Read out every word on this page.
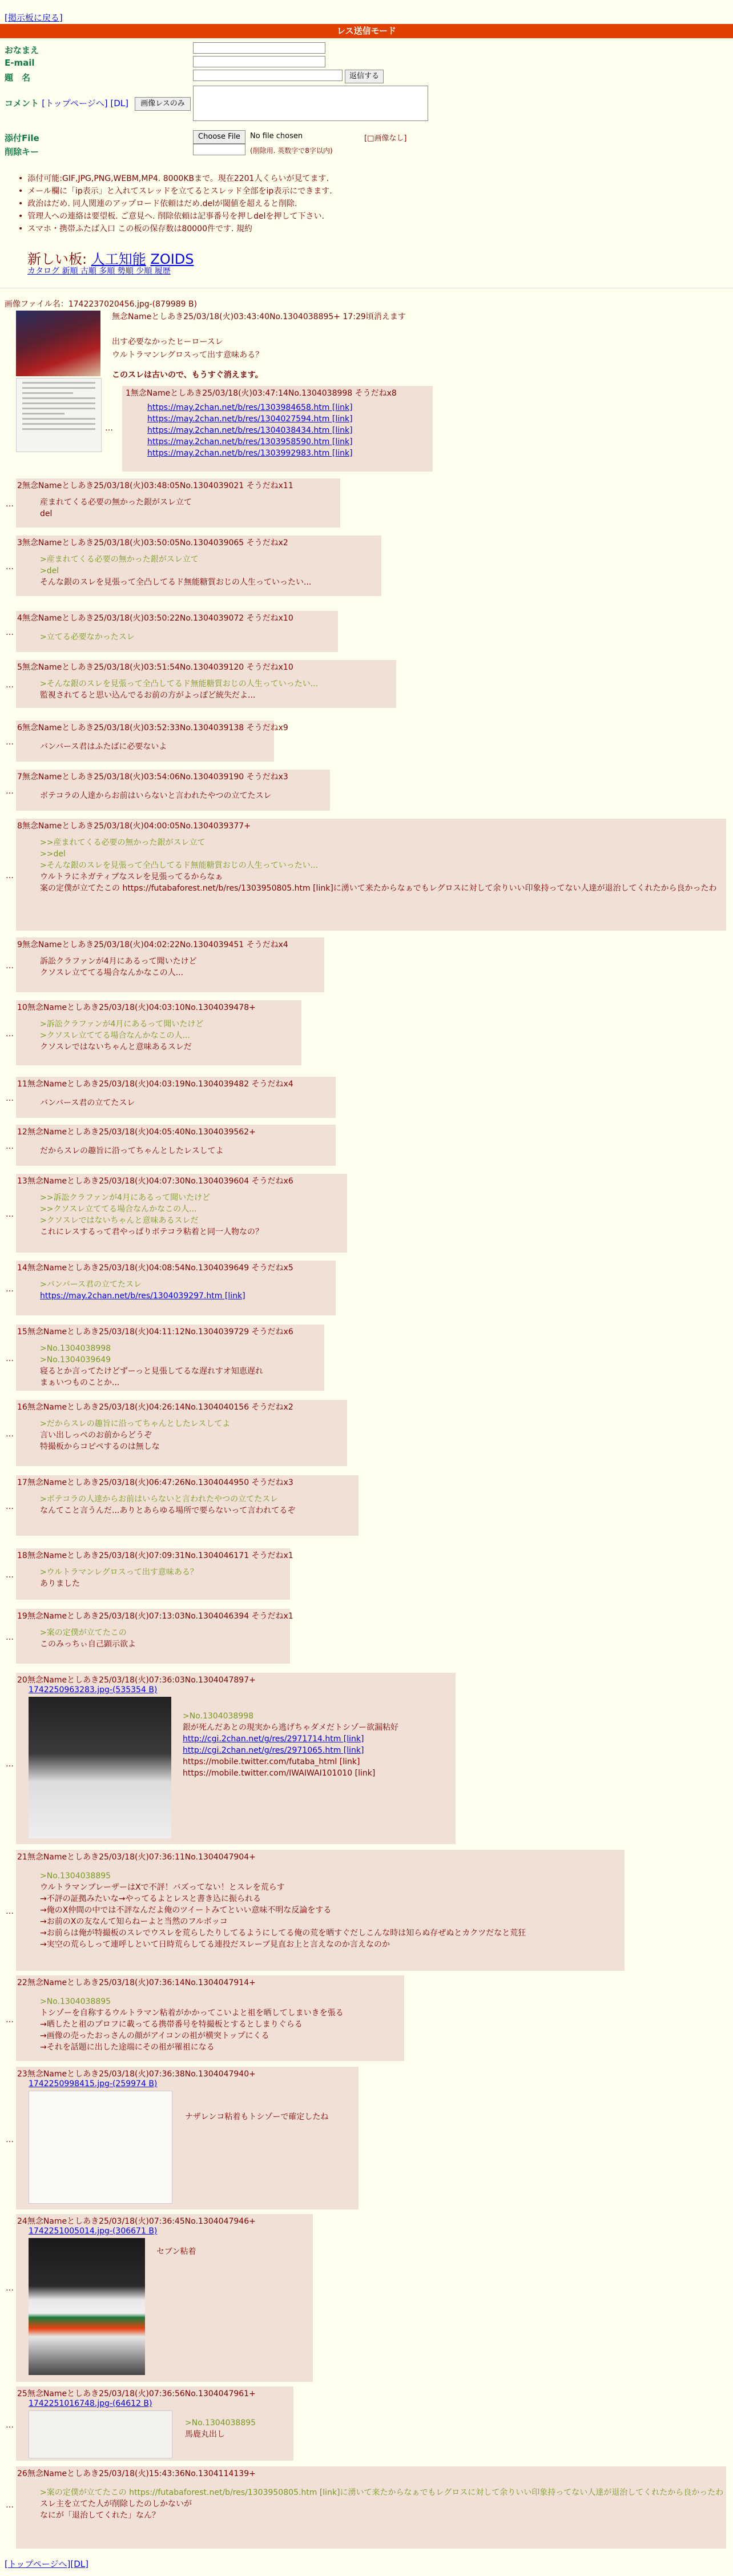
[掲示板に戻る]
レス送信モード
おなまえ
E-mail
題　名	返信する
コメント [トップページへ] [DL]	画像レスのみ
添付File	Choose File	No file chosen	[□画像なし]
削除キー	(削除用. 英数字で8字以内)
• 添付可能:GIF,JPG,PNG,WEBM,MP4. 8000KBまで。現在2201人くらいが見てます.
• メール欄に「ip表示」と入れてスレッドを立てるとスレッド全部をip表示にできます.
• 政治はだめ. 同人関連のアップロード依頼はだめ.delが閾値を超えると削除.
• 管理人への連絡は要望板. ご意見へ. 削除依頼は記事番号を押しdelを押して下さい.
• スマホ・携帯ふたば入口 この板の保存数は80000件です. 規約
新しい板: 人工知能 ZOIDS
カタログ 新順 古順 多順 勢順 少順 履歴
画像ファイル名：1742237020456.jpg-(879989 B)
無念Nameとしあき25/03/18(火)03:43:40No.1304038895+ 17:29頃消えます
出す必要なかったヒーロースレ
ウルトラマンレグロスって出す意味ある？
このスレは古いので、もうすぐ消えます。
…
1無念Nameとしあき25/03/18(火)03:47:14No.1304038998 そうだねx8
https://may.2chan.net/b/res/1303984658.htm [link]
https://may.2chan.net/b/res/1304027594.htm [link]
https://may.2chan.net/b/res/1304038434.htm [link]
https://may.2chan.net/b/res/1303958590.htm [link]
https://may.2chan.net/b/res/1303992983.htm [link]
…
2無念Nameとしあき25/03/18(火)03:48:05No.1304039021 そうだねx11
産まれてくる必要の無かった銀がスレ立て
del
…
3無念Nameとしあき25/03/18(火)03:50:05No.1304039065 そうだねx2
>産まれてくる必要の無かった銀がスレ立て
>del
そんな銀のスレを見張って全凸してるド無能糖質おじの人生っていったい...
…
4無念Nameとしあき25/03/18(火)03:50:22No.1304039072 そうだねx10
>立てる必要なかったスレ
…
5無念Nameとしあき25/03/18(火)03:51:54No.1304039120 そうだねx10
>そんな銀のスレを見張って全凸してるド無能糖質おじの人生っていったい...
監視されてると思い込んでるお前の方がよっぽど統失だよ...
…
6無念Nameとしあき25/03/18(火)03:52:33No.1304039138 そうだねx9
バンバース君はふたばに必要ないよ
…
7無念Nameとしあき25/03/18(火)03:54:06No.1304039190 そうだねx3
ボテコラの人達からお前はいらないと言われたやつの立てたスレ
…
8無念Nameとしあき25/03/18(火)04:00:05No.1304039377+
>>産まれてくる必要の無かった銀がスレ立て
>>del
>そんな銀のスレを見張って全凸してるド無能糖質おじの人生っていったい...
ウルトラにネガティブなスレを見張ってるからなぁ
案の定僕が立てたこの https://futabaforest.net/b/res/1303950805.htm [link]に湧いて来たからなぁでもレグロスに対して余りいい印象持ってない人達が退治してくれたから良かったわ
…
9無念Nameとしあき25/03/18(火)04:02:22No.1304039451 そうだねx4
訴訟クラファンが4月にあるって聞いたけど
クソスレ立ててる場合なんかなこの人...
…
10無念Nameとしあき25/03/18(火)04:03:10No.1304039478+
>訴訟クラファンが4月にあるって聞いたけど
>クソスレ立ててる場合なんかなこの人...
クソスレではないちゃんと意味あるスレだ
…
11無念Nameとしあき25/03/18(火)04:03:19No.1304039482 そうだねx4
バンバース君の立てたスレ
…
12無念Nameとしあき25/03/18(火)04:05:40No.1304039562+
だからスレの趣旨に沿ってちゃんとしたレスしてよ
…
13無念Nameとしあき25/03/18(火)04:07:30No.1304039604 そうだねx6
>>訴訟クラファンが4月にあるって聞いたけど
>>クソスレ立ててる場合なんかなこの人...
>クソスレではないちゃんと意味あるスレだ
これにレスするって君やっぱりボテコラ粘着と同一人物なの？
…
14無念Nameとしあき25/03/18(火)04:08:54No.1304039649 そうだねx5
>バンバース君の立てたスレ
https://may.2chan.net/b/res/1304039297.htm [link]
…
15無念Nameとしあき25/03/18(火)04:11:12No.1304039729 そうだねx6
>No.1304038998
>No.1304039649
寝るとか言ってたけどずーっと見張してるな遅れすオ知恵遅れ
まぁいつものことか...
…
16無念Nameとしあき25/03/18(火)04:26:14No.1304040156 そうだねx2
>だからスレの趣旨に沿ってちゃんとしたレスしてよ
言い出しっぺのお前からどうぞ
特撮板からコピペするのは無しな
…
17無念Nameとしあき25/03/18(火)06:47:26No.1304044950 そうだねx3
>ボテコラの人達からお前はいらないと言われたやつの立てたスレ
なんてこと言うんだ...ありとあらゆる場所で要らないって言われてるぞ
…
18無念Nameとしあき25/03/18(火)07:09:31No.1304046171 そうだねx1
>ウルトラマンレグロスって出す意味ある？
ありました
…
19無念Nameとしあき25/03/18(火)07:13:03No.1304046394 そうだねx1
>案の定僕が立てたこの
このみっちぃ自己顕示欲よ
…
20無念Nameとしあき25/03/18(火)07:36:03No.1304047897+
1742250963283.jpg-(535354 B)
>No.1304038998
銀が死んだあとの現実から逃げちゃダメだトシゾー欲漏粘好
http://cgi.2chan.net/g/res/2971714.htm [link]
http://cgi.2chan.net/g/res/2971065.htm [link]
https://mobile.twitter.com/futaba_html [link]
https://mobile.twitter.com/IWAIWAI101010 [link]
…
21無念Nameとしあき25/03/18(火)07:36:11No.1304047904+
>No.1304038895
ウルトラマンブレーザーはXで不評！バズってない！とスレを荒らす
→不評の証拠みたいな→やってるよとレスと書き込に振られる
→俺のX仲間の中では不評なんだよ俺のツイートみてといい意味不明な反論をする
→お前のXの友なんて知らねーよと当然のフルボッコ
→お前らは俺が特撮板のスレでウスレを荒らしたりしてるようにしてる俺の荒を晒すぐだしこんな時は知らぬ存ぜぬとカクツだなと荒狂
→実空の荒らしって連呼しといて日時荒らしてる連投だスレーブ見直お上と言えなのか言えなのか
…
22無念Nameとしあき25/03/18(火)07:36:14No.1304047914+
>No.1304038895
トシゾーを自称するウルトラマン粘着がかかってこいよと祖を晒してしまいきを張る
→晒したと祖のプロフに載ってる携帯番号を特撮板とするとしまりぐらる
→画像の売ったおっさんの顔がアイコンの祖が横突トップにくる
→それを話題に出した途端にその祖が罹祖になる
…
23無念Nameとしあき25/03/18(火)07:36:38No.1304047940+
1742250998415.jpg-(259974 B)
ナザレンコ粘着もトシゾーで確定したね
…
24無念Nameとしあき25/03/18(火)07:36:45No.1304047946+
1742251005014.jpg-(306671 B)
セブン粘着
…
25無念Nameとしあき25/03/18(火)07:36:56No.1304047961+
1742251016748.jpg-(64612 B)
>No.1304038895
馬鹿丸出し
…
26無念Nameとしあき25/03/18(火)15:43:36No.1304114139+
>案の定僕が立てたこの https://futabaforest.net/b/res/1303950805.htm [link]に湧いて来たからなぁでもレグロスに対して余りいい印象持ってない人達が退治してくれたから良かったわ
スレ主を立てた人が削除したのしかないが
なにが「退治してくれた」なん？
[トップページへ][DL]
